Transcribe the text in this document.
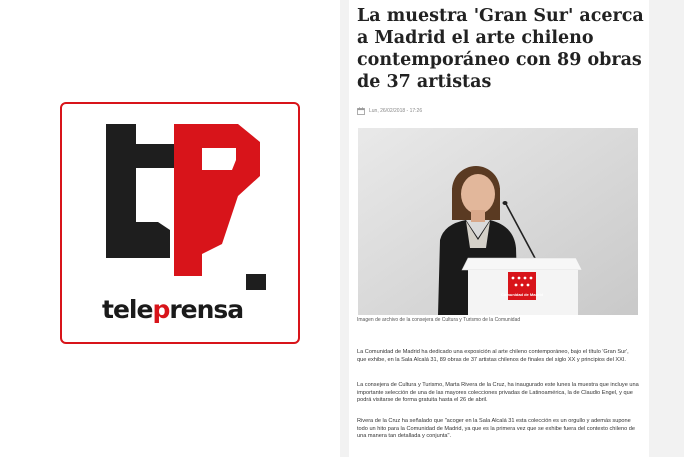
teleprensa
La muestra 'Gran Sur' acerca a Madrid el arte chileno contemporáneo con 89 obras de 37 artistas
Lun, 26/02/2018 - 17:26
Comunidad de Madrid
Imagen de archivo de la consejera de Cultura y Turismo de la Comunidad

La Comunidad de Madrid ha dedicado una exposición al arte chileno contemporáneo, bajo el título 'Gran Sur', que exhibe, en la Sala Alcalá 31, 89 obras de 37 artistas chilenos de finales del siglo XX y principios del XXI.

La consejera de Cultura y Turismo, Marta Rivera de la Cruz, ha inaugurado este lunes la muestra que incluye una importante selección de una de las mayores colecciones privadas de Latinoamérica, la de Claudio Engel, y que podrá visitarse de forma gratuita hasta el 26 de abril.

Rivera de la Cruz ha señalado que "acoger en la Sala Alcalá 31 esta colección es un orgullo y además supone todo un hito para la Comunidad de Madrid, ya que es la primera vez que se exhibe fuera del contexto chileno de una manera tan detallada y conjunta".
